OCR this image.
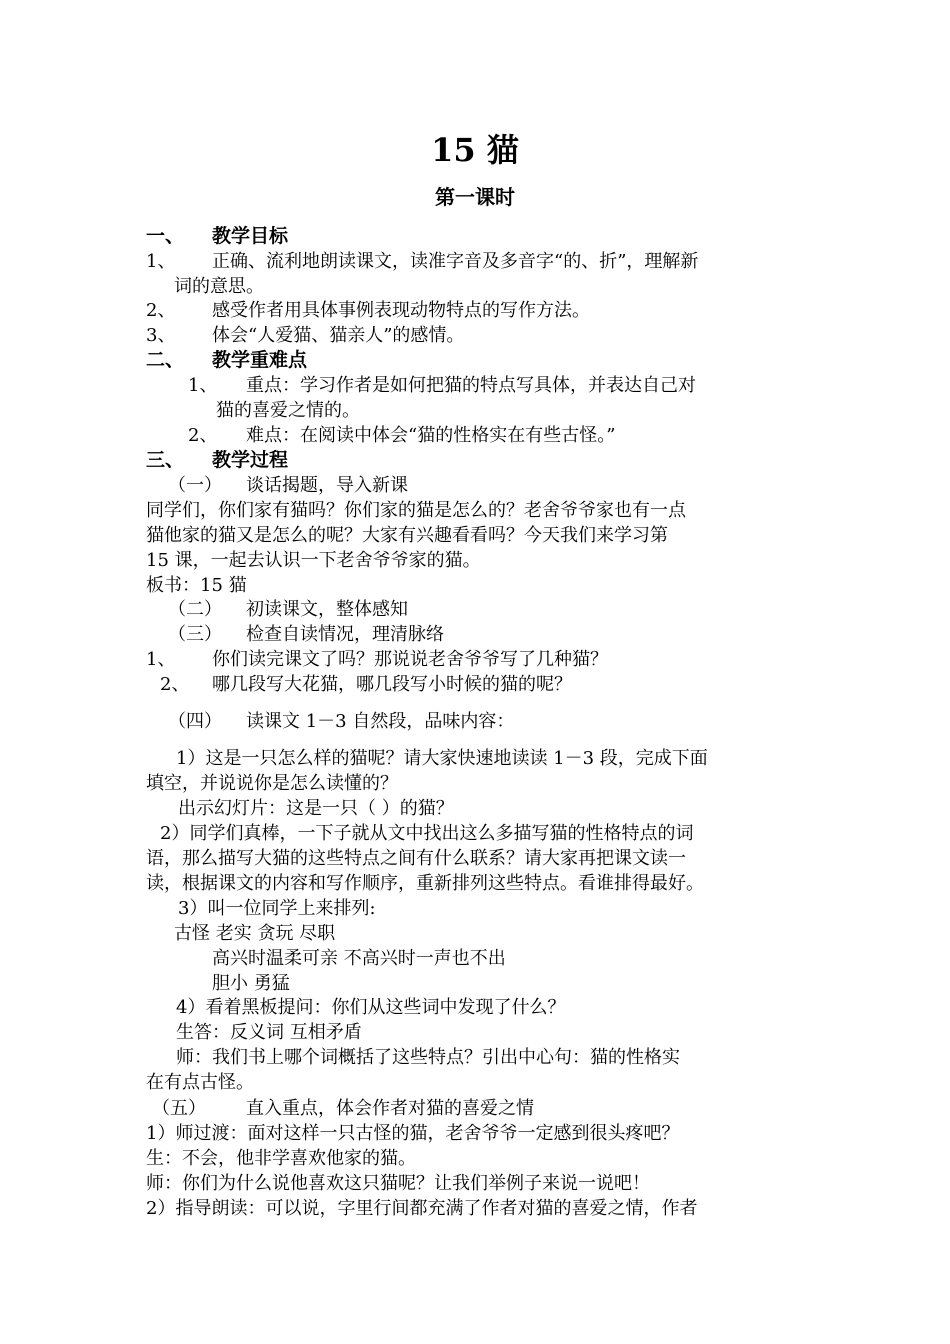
15 猫
第一课时
一、 教学目标
1、 正确、流利地朗读课文，读准字音及多音字“的、折”，理解新
词的意思。
2、 感受作者用具体事例表现动物特点的写作方法。
3、 体会“人爱猫、猫亲人”的感情。
二、 教学重难点
1、 重点：学习作者是如何把猫的特点写具体，并表达自己对
猫的喜爱之情的。
2、 难点：在阅读中体会“猫的性格实在有些古怪。”
三、 教学过程
（一） 谈话揭题，导入新课
同学们，你们家有猫吗？你们家的猫是怎么的？老舍爷爷家也有一点
猫他家的猫又是怎么的呢？大家有兴趣看看吗？今天我们来学习第
15 课，一起去认识一下老舍爷爷家的猫。
板书：15 猫
（二） 初读课文，整体感知
（三） 检查自读情况，理清脉络
1、 你们读完课文了吗？那说说老舍爷爷写了几种猫？
2、 哪几段写大花猫，哪几段写小时候的猫的呢？
（四） 读课文 1－3 自然段，品味内容：
1）这是一只怎么样的猫呢？请大家快速地读读 1－3 段，完成下面
填空，并说说你是怎么读懂的？
出示幻灯片：这是一只（ ）的猫？
2）同学们真棒，一下子就从文中找出这么多描写猫的性格特点的词
语，那么描写大猫的这些特点之间有什么联系？请大家再把课文读一
读，根据课文的内容和写作顺序，重新排列这些特点。看谁排得最好。
3）叫一位同学上来排列:
古怪 老实 贪玩 尽职
高兴时温柔可亲 不高兴时一声也不出
胆小 勇猛
4）看着黑板提问：你们从这些词中发现了什么？
生答：反义词 互相矛盾
师：我们书上哪个词概括了这些特点？引出中心句：猫的性格实
在有点古怪。
（五） 直入重点，体会作者对猫的喜爱之情
1）师过渡：面对这样一只古怪的猫，老舍爷爷一定感到很头疼吧？
生：不会，他非学喜欢他家的猫。
师：你们为什么说他喜欢这只猫呢？让我们举例子来说一说吧！
2）指导朗读：可以说，字里行间都充满了作者对猫的喜爱之情，作者
